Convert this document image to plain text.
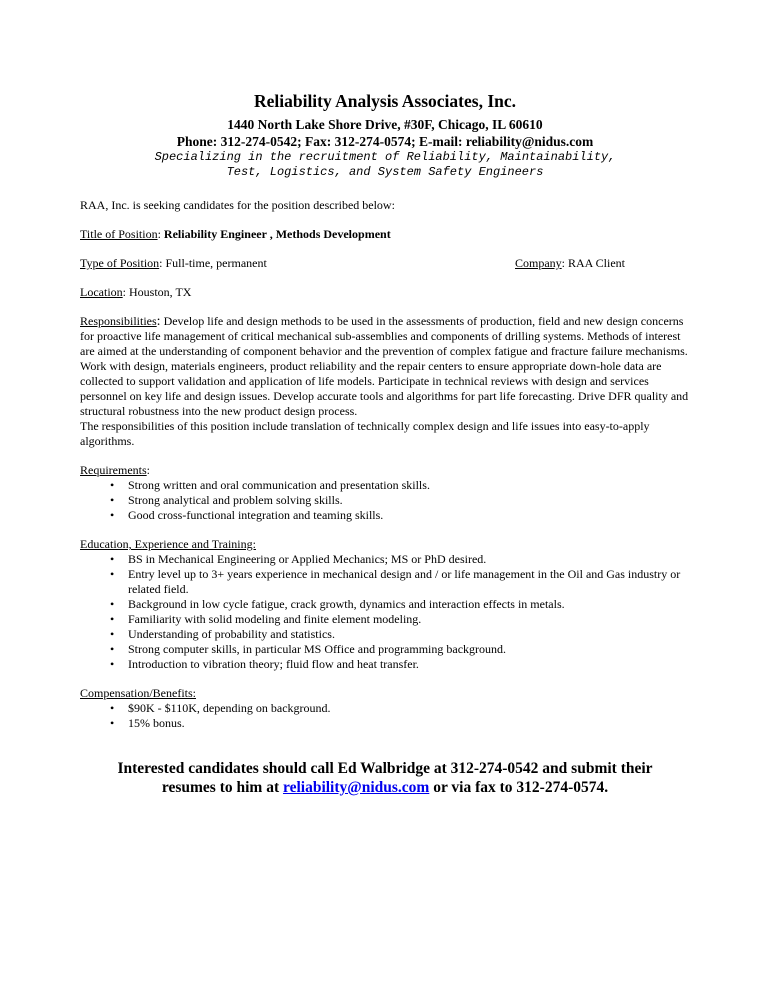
Reliability Analysis Associates, Inc.
1440 North Lake Shore Drive, #30F, Chicago, IL 60610
Phone: 312-274-0542; Fax: 312-274-0574; E-mail: reliability@nidus.com
Specializing in the recruitment of Reliability, Maintainability,
Test, Logistics, and System Safety Engineers
RAA, Inc. is seeking candidates for the position described below:
Title of Position: Reliability Engineer , Methods Development
Type of Position: Full-time, permanent	Company: RAA Client
Location: Houston, TX
Responsibilities: Develop life and design methods to be used in the assessments of production, field and new design concerns for proactive life management of critical mechanical sub-assemblies and components of drilling systems. Methods of interest are aimed at the understanding of component behavior and the prevention of complex fatigue and fracture failure mechanisms. Work with design, materials engineers, product reliability and the repair centers to ensure appropriate down-hole data are collected to support validation and application of life models. Participate in technical reviews with design and services personnel on key life and design issues. Develop accurate tools and algorithms for part life forecasting. Drive DFR quality and structural robustness into the new product design process.
The responsibilities of this position include translation of technically complex design and life issues into easy-to-apply algorithms.
Requirements:
• Strong written and oral communication and presentation skills.
• Strong analytical and problem solving skills.
• Good cross-functional integration and teaming skills.
Education, Experience and Training:
• BS in Mechanical Engineering or Applied Mechanics; MS or PhD desired.
• Entry level up to 3+ years experience in mechanical design and / or life management in the Oil and Gas industry or related field.
• Background in low cycle fatigue, crack growth, dynamics and interaction effects in metals.
• Familiarity with solid modeling and finite element modeling.
• Understanding of probability and statistics.
• Strong computer skills, in particular MS Office and programming background.
• Introduction to vibration theory; fluid flow and heat transfer.
Compensation/Benefits:
• $90K - $110K, depending on background.
• 15% bonus.
Interested candidates should call Ed Walbridge at 312-274-0542 and submit their
resumes to him at reliability@nidus.com or via fax to 312-274-0574.
